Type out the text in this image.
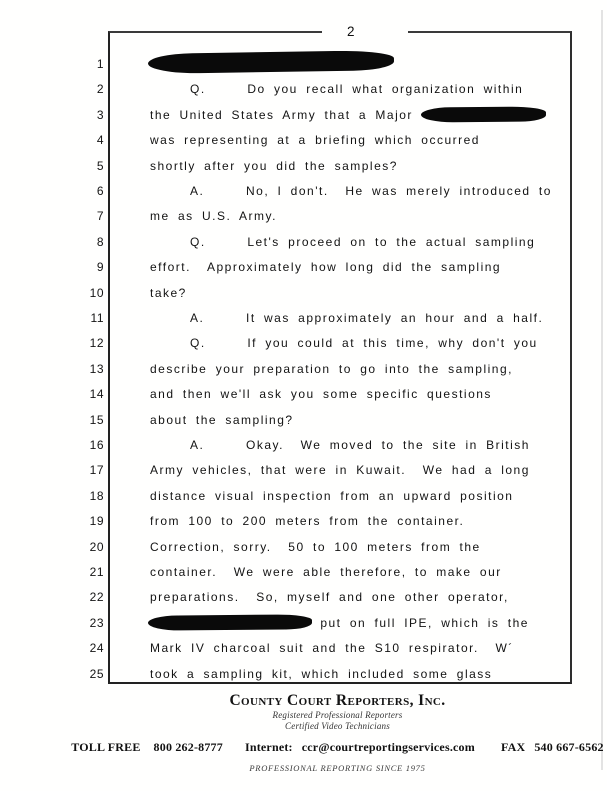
2
1
2	Q.     Do you recall what organization within
3	the United States Army that a Major
4	was representing at a briefing which occurred
5	shortly after you did the samples?
6	A.     No, I don't.  He was merely introduced to
7	me as U.S. Army.
8	Q.     Let's proceed on to the actual sampling
9	effort.  Approximately how long did the sampling
10	take?
11	A.     It was approximately an hour and a half.
12	Q.     If you could at this time, why don't you
13	describe your preparation to go into the sampling,
14	and then we'll ask you some specific questions
15	about the sampling?
16	A.     Okay.  We moved to the site in British
17	Army vehicles, that were in Kuwait.  We had a long
18	distance visual inspection from an upward position
19	from 100 to 200 meters from the container.
20	Correction, sorry.  50 to 100 meters from the
21	container.  We were able therefore, to make our
22	preparations.  So, myself and one other operator,
23	put on full IPE, which is the
24	Mark IV charcoal suit and the S10 respirator.  W´
25	took a sampling kit, which included some glass
County Court Reporters, Inc.
Registered Professional Reporters
Certified Video Technicians
TOLL FREE 800 262-8777 Internet: ccr@courtreportingservices.com FAX 540 667-6562
PROFESSIONAL REPORTING SINCE 1975
